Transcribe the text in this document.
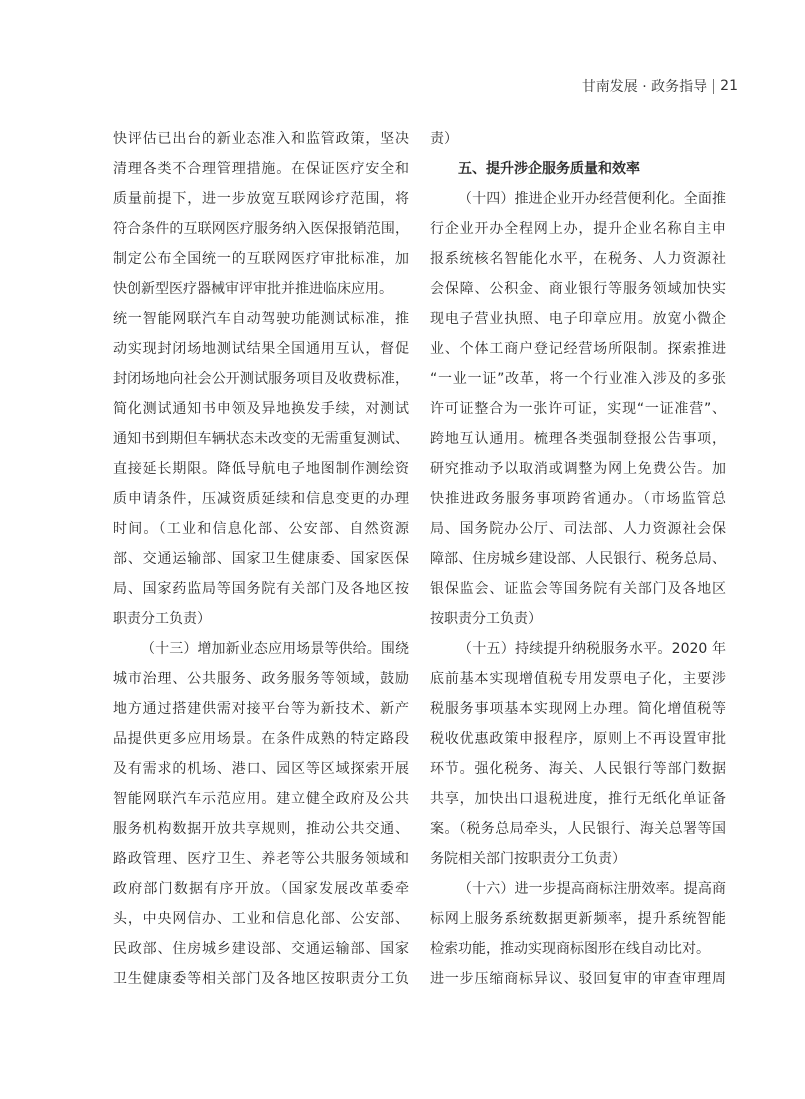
甘南发展 · 政务指导 21
快评估已出台的新业态准入和监管政策，坚决
清理各类不合理管理措施。在保证医疗安全和
质量前提下，进一步放宽互联网诊疗范围，将
符合条件的互联网医疗服务纳入医保报销范围，
制定公布全国统一的互联网医疗审批标准，加
快创新型医疗器械审评审批并推进临床应用。
统一智能网联汽车自动驾驶功能测试标准，推
动实现封闭场地测试结果全国通用互认，督促
封闭场地向社会公开测试服务项目及收费标准，
简化测试通知书申领及异地换发手续，对测试
通知书到期但车辆状态未改变的无需重复测试、
直接延长期限。降低导航电子地图制作测绘资
质申请条件，压减资质延续和信息变更的办理
时间。（工业和信息化部、公安部、自然资源
部、交通运输部、国家卫生健康委、国家医保
局、国家药监局等国务院有关部门及各地区按
职责分工负责）
（十三）增加新业态应用场景等供给。围绕
城市治理、公共服务、政务服务等领域，鼓励
地方通过搭建供需对接平台等为新技术、新产
品提供更多应用场景。在条件成熟的特定路段
及有需求的机场、港口、园区等区域探索开展
智能网联汽车示范应用。建立健全政府及公共
服务机构数据开放共享规则，推动公共交通、
路政管理、医疗卫生、养老等公共服务领域和
政府部门数据有序开放。（国家发展改革委牵
头，中央网信办、工业和信息化部、公安部、
民政部、住房城乡建设部、交通运输部、国家
卫生健康委等相关部门及各地区按职责分工负
责）
五、提升涉企服务质量和效率
（十四）推进企业开办经营便利化。全面推
行企业开办全程网上办，提升企业名称自主申
报系统核名智能化水平，在税务、人力资源社
会保障、公积金、商业银行等服务领域加快实
现电子营业执照、电子印章应用。放宽小微企
业、个体工商户登记经营场所限制。探索推进
“一业一证”改革，将一个行业准入涉及的多张
许可证整合为一张许可证，实现“一证准营”、
跨地互认通用。梳理各类强制登报公告事项，
研究推动予以取消或调整为网上免费公告。加
快推进政务服务事项跨省通办。（市场监管总
局、国务院办公厅、司法部、人力资源社会保
障部、住房城乡建设部、人民银行、税务总局、
银保监会、证监会等国务院有关部门及各地区
按职责分工负责）
（十五）持续提升纳税服务水平。2020 年
底前基本实现增值税专用发票电子化，主要涉
税服务事项基本实现网上办理。简化增值税等
税收优惠政策申报程序，原则上不再设置审批
环节。强化税务、海关、人民银行等部门数据
共享，加快出口退税进度，推行无纸化单证备
案。（税务总局牵头，人民银行、海关总署等国
务院相关部门按职责分工负责）
（十六）进一步提高商标注册效率。提高商
标网上服务系统数据更新频率，提升系统智能
检索功能，推动实现商标图形在线自动比对。
进一步压缩商标异议、驳回复审的审查审理周
